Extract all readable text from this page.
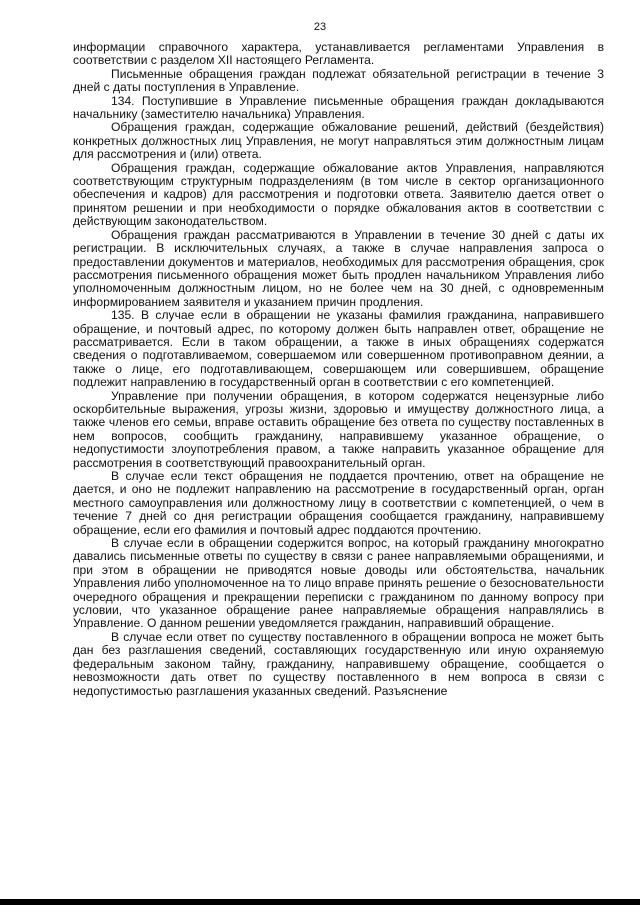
23

информации справочного характера, устанавливается регламентами Управления в соответствии с разделом XII настоящего Регламента.

Письменные обращения граждан подлежат обязательной регистрации в течение 3 дней с даты поступления в Управление.

134. Поступившие в Управление письменные обращения граждан докладываются начальнику (заместителю начальника) Управления.

Обращения граждан, содержащие обжалование решений, действий (бездействия) конкретных должностных лиц Управления, не могут направляться этим должностным лицам для рассмотрения и (или) ответа.

Обращения граждан, содержащие обжалование актов Управления, направляются соответствующим структурным подразделениям (в том числе в сектор организационного обеспечения и кадров) для рассмотрения и подготовки ответа. Заявителю дается ответ о принятом решении и при необходимости о порядке обжалования актов в соответствии с действующим законодательством.

Обращения граждан рассматриваются в Управлении в течение 30 дней с даты их регистрации. В исключительных случаях, а также в случае направления запроса о предоставлении документов и материалов, необходимых для рассмотрения обращения, срок рассмотрения письменного обращения может быть продлен начальником Управления либо уполномоченным должностным лицом, но не более чем на 30 дней, с одновременным информированием заявителя и указанием причин продления.

135. В случае если в обращении не указаны фамилия гражданина, направившего обращение, и почтовый адрес, по которому должен быть направлен ответ, обращение не рассматривается. Если в таком обращении, а также в иных обращениях содержатся сведения о подготавливаемом, совершаемом или совершенном противоправном деянии, а также о лице, его подготавливающем, совершающем или совершившем, обращение подлежит направлению в государственный орган в соответствии с его компетенцией.

Управление при получении обращения, в котором содержатся нецензурные либо оскорбительные выражения, угрозы жизни, здоровью и имуществу должностного лица, а также членов его семьи, вправе оставить обращение без ответа по существу поставленных в нем вопросов, сообщить гражданину, направившему указанное обращение, о недопустимости злоупотребления правом, а также направить указанное обращение для рассмотрения в соответствующий правоохранительный орган.

В случае если текст обращения не поддается прочтению, ответ на обращение не дается, и оно не подлежит направлению на рассмотрение в государственный орган, орган местного самоуправления или должностному лицу в соответствии с компетенцией, о чем в течение 7 дней со дня регистрации обращения сообщается гражданину, направившему обращение, если его фамилия и почтовый адрес поддаются прочтению.

В случае если в обращении содержится вопрос, на который гражданину многократно давались письменные ответы по существу в связи с ранее направляемыми обращениями, и при этом в обращении не приводятся новые доводы или обстоятельства, начальник Управления либо уполномоченное на то лицо вправе принять решение о безосновательности очередного обращения и прекращении переписки с гражданином по данному вопросу при условии, что указанное обращение ранее направляемые обращения направлялись в Управление. О данном решении уведомляется гражданин, направивший обращение.

В случае если ответ по существу поставленного в обращении вопроса не может быть дан без разглашения сведений, составляющих государственную или иную охраняемую федеральным законом тайну, гражданину, направившему обращение, сообщается о невозможности дать ответ по существу поставленного в нем вопроса в связи с недопустимостью разглашения указанных сведений. Разъяснение
